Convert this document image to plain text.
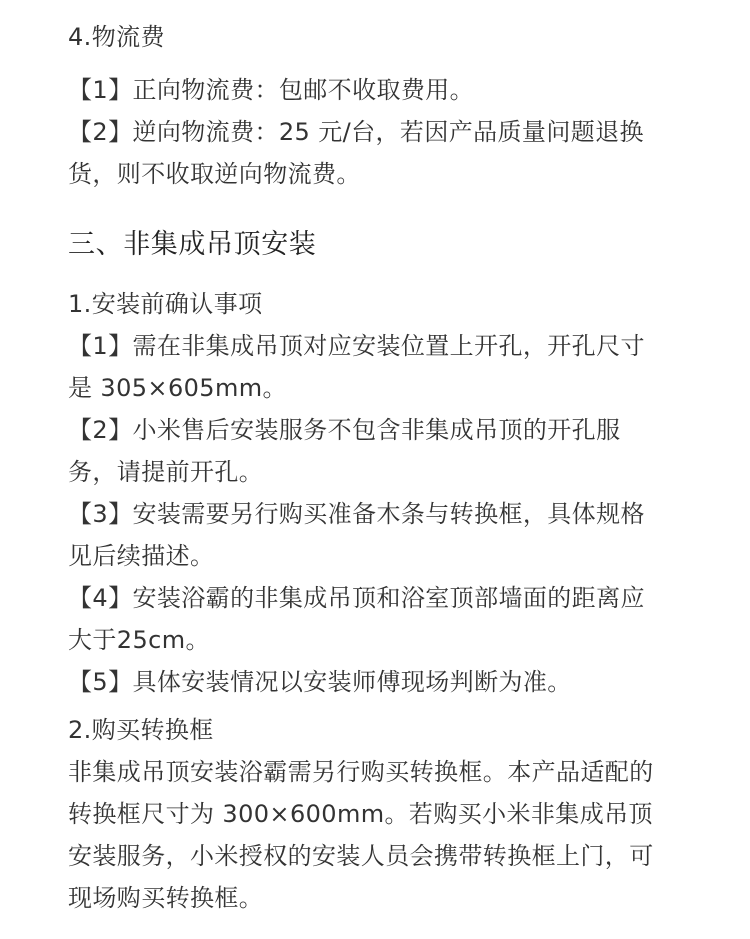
4.物流费
【1】正向物流费：包邮不收取费用。
【2】逆向物流费：25 元/台，若因产品质量问题退换
货，则不收取逆向物流费。
三、非集成吊顶安装
1.安装前确认事项
【1】需在非集成吊顶对应安装位置上开孔，开孔尺寸
是 305×605mm。
【2】小米售后安装服务不包含非集成吊顶的开孔服
务，请提前开孔。
【3】安装需要另行购买准备木条与转换框，具体规格
见后续描述。
【4】安装浴霸的非集成吊顶和浴室顶部墙面的距离应
大于25cm。
【5】具体安装情况以安装师傅现场判断为准。
2.购买转换框
非集成吊顶安装浴霸需另行购买转换框。本产品适配的
转换框尺寸为 300×600mm。若购买小米非集成吊顶
安装服务，小米授权的安装人员会携带转换框上门，可
现场购买转换框。
